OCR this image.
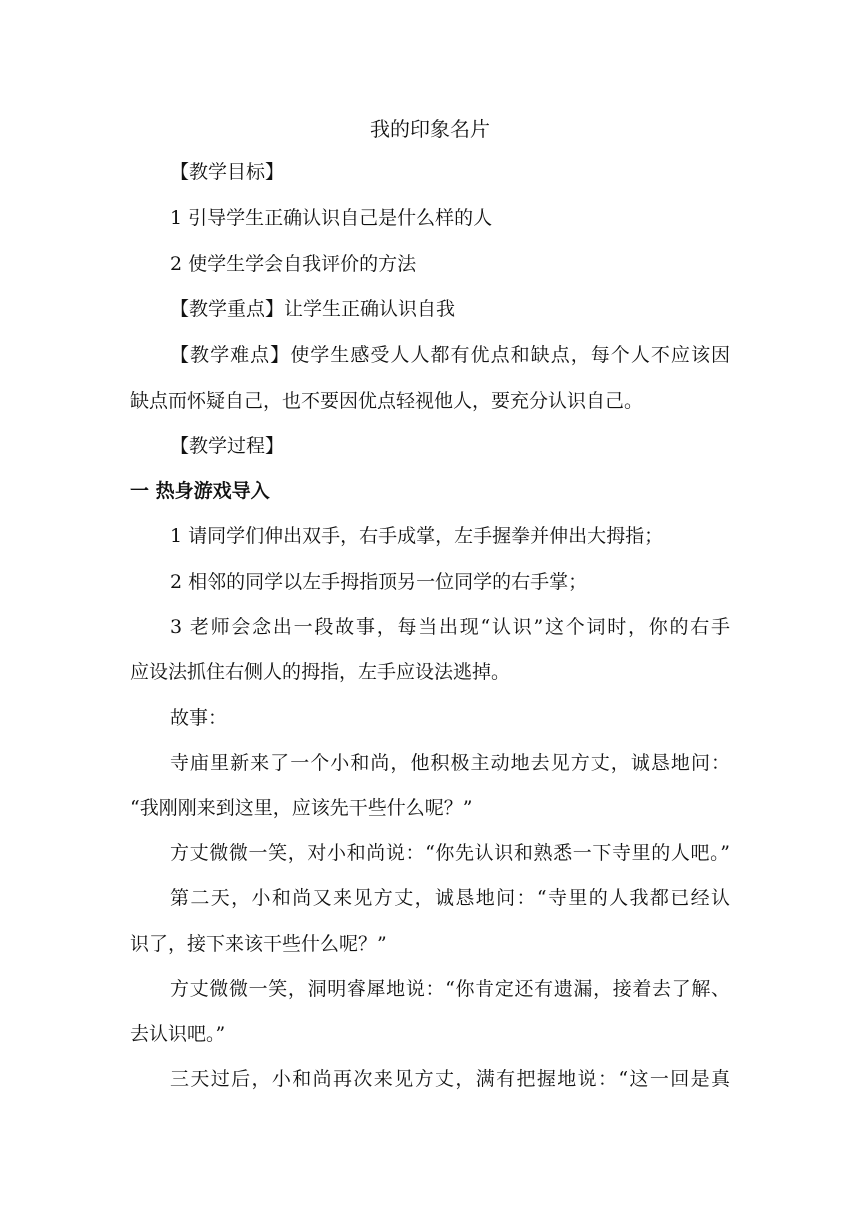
我的印象名片
【教学目标】
1 引导学生正确认识自己是什么样的人
2 使学生学会自我评价的方法
【教学重点】让学生正确认识自我
【教学难点】使学生感受人人都有优点和缺点，每个人不应该因
缺点而怀疑自己，也不要因优点轻视他人，要充分认识自己。
【教学过程】
一 热身游戏导入
1 请同学们伸出双手，右手成掌，左手握拳并伸出大拇指；
2 相邻的同学以左手拇指顶另一位同学的右手掌；
3 老师会念出一段故事，每当出现“认识”这个词时，你的右手
应设法抓住右侧人的拇指，左手应设法逃掉。
故事：
寺庙里新来了一个小和尚，他积极主动地去见方丈，诚恳地问：
“我刚刚来到这里，应该先干些什么呢？”
方丈微微一笑，对小和尚说：“你先认识和熟悉一下寺里的人吧。”
第二天，小和尚又来见方丈，诚恳地问：“寺里的人我都已经认
识了，接下来该干些什么呢？”
方丈微微一笑，洞明睿犀地说：“你肯定还有遗漏，接着去了解、
去认识吧。”
三天过后，小和尚再次来见方丈，满有把握地说：“这一回是真
